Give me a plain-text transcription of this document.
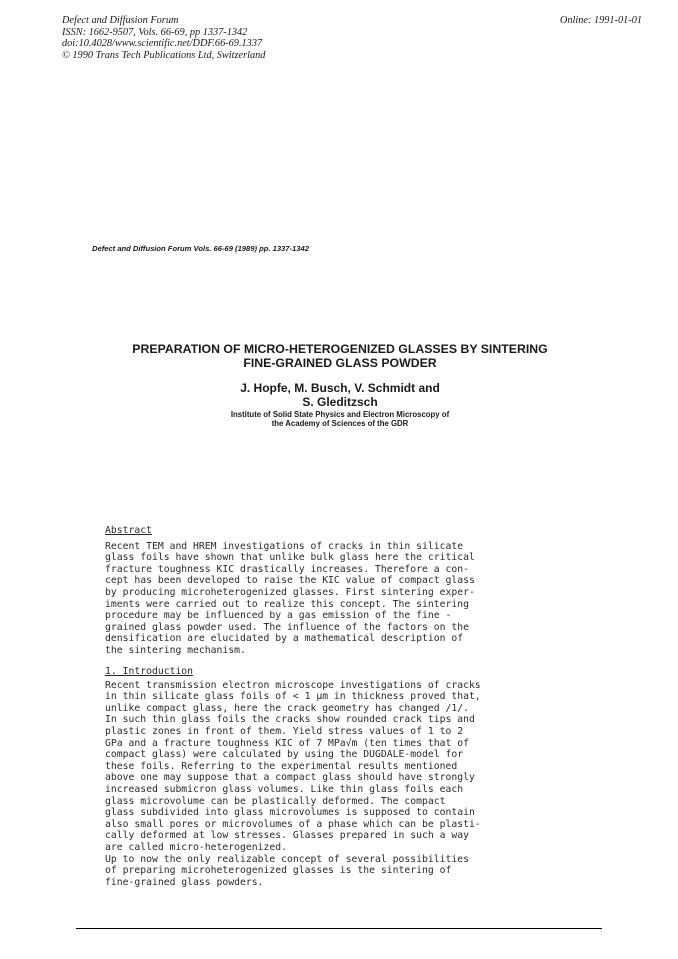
Defect and Diffusion Forum
ISSN: 1662-9507, Vols. 66-69, pp 1337-1342
doi:10.4028/www.scientific.net/DDF.66-69.1337
© 1990 Trans Tech Publications Ltd, Switzerland
Online: 1991-01-01
Defect and Diffusion Forum Vols. 66-69 (1989) pp. 1337-1342
PREPARATION OF MICRO-HETEROGENIZED GLASSES BY SINTERING
FINE-GRAINED GLASS POWDER
J. Hopfe, M. Busch, V. Schmidt and
S. Gleditzsch
Institute of Solid State Physics and Electron Microscopy of
the Academy of Sciences of the GDR
Abstract
Recent TEM and HREM investigations of cracks in thin silicate
glass foils have shown that unlike bulk glass here the critical
fracture toughness KIC drastically increases. Therefore a con-
cept has been developed to raise the KIC value of compact glass
by producing microheterogenized glasses. First sintering exper-
iments were carried out to realize this concept. The sintering
procedure may be influenced by a gas emission of the fine -
grained glass powder used. The influence of the factors on the
densification are elucidated by a mathematical description of
the sintering mechanism.
1. Introduction
Recent transmission electron microscope investigations of cracks
in thin silicate glass foils of < 1 µm in thickness proved that,
unlike compact glass, here the crack geometry has changed /1/.
In such thin glass foils the cracks show rounded crack tips and
plastic zones in front of them. Yield stress values of 1 to 2
GPa and a fracture toughness KIC of 7 MPa√m (ten times that of
compact glass) were calculated by using the DUGDALE-model for
these foils. Referring to the experimental results mentioned
above one may suppose that a compact glass should have strongly
increased submicron glass volumes. Like thin glass foils each
glass microvolume can be plastically deformed. The compact
glass subdivided into glass microvolumes is supposed to contain
also small pores or microvolumes of a phase which can be plasti-
cally deformed at low stresses. Glasses prepared in such a way
are called micro-heterogenized.
Up to now the only realizable concept of several possibilities
of preparing microheterogenized glasses is the sintering of
fine-grained glass powders.
